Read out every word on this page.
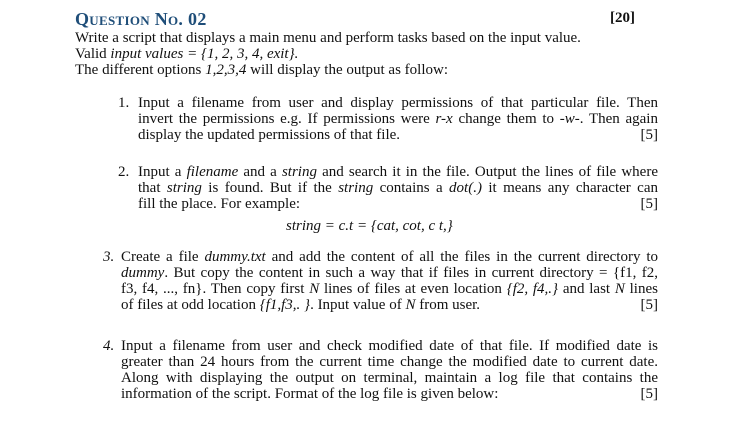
Question No. 02	[20]

Write a script that displays a main menu and perform tasks based on the input value.

Valid input values = {1, 2, 3, 4, exit}.

The different options 1,2,3,4 will display the output as follow:

1. Input a filename from user and display permissions of that particular file. Then

invert the permissions e.g. If permissions were r-x change them to -w-. Then again

display the updated permissions of that file.	[5]

2. Input a filename and a string and search it in the file. Output the lines of file where

that string is found. But if the string contains a dot(.) it means any character can

fill the place. For example:	[5]

string = c.t = {cat, cot, c t,}
3. Create a file dummy.txt and add the content of all the files in the current directory to

dummy. But copy the content in such a way that if files in current directory = {f1, f2,

f3, f4, ..., fn}. Then copy first N lines of files at even location {f2, f4,.} and last N lines

of files at odd location {f1,f3,. }. Input value of N from user.	[5]

4. Input a filename from user and check modified date of that file. If modified date is

greater than 24 hours from the current time change the modified date to current date.

Along with displaying the output on terminal, maintain a log file that contains the

information of the script. Format of the log file is given below:	[5]
